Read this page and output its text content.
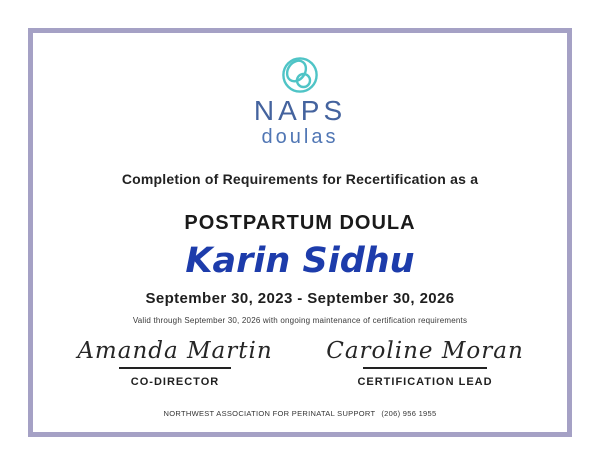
NAPS
doulas
Completion of Requirements for Recertification as a
POSTPARTUM DOULA
Karin Sidhu
September 30, 2023 - September 30, 2026
Valid through September 30, 2026 with ongoing maintenance of certification requirements
Amanda Martin
CO-DIRECTOR
Caroline Moran
CERTIFICATION LEAD
NORTHWEST ASSOCIATION FOR PERINATAL SUPPORT (206) 956 1955
